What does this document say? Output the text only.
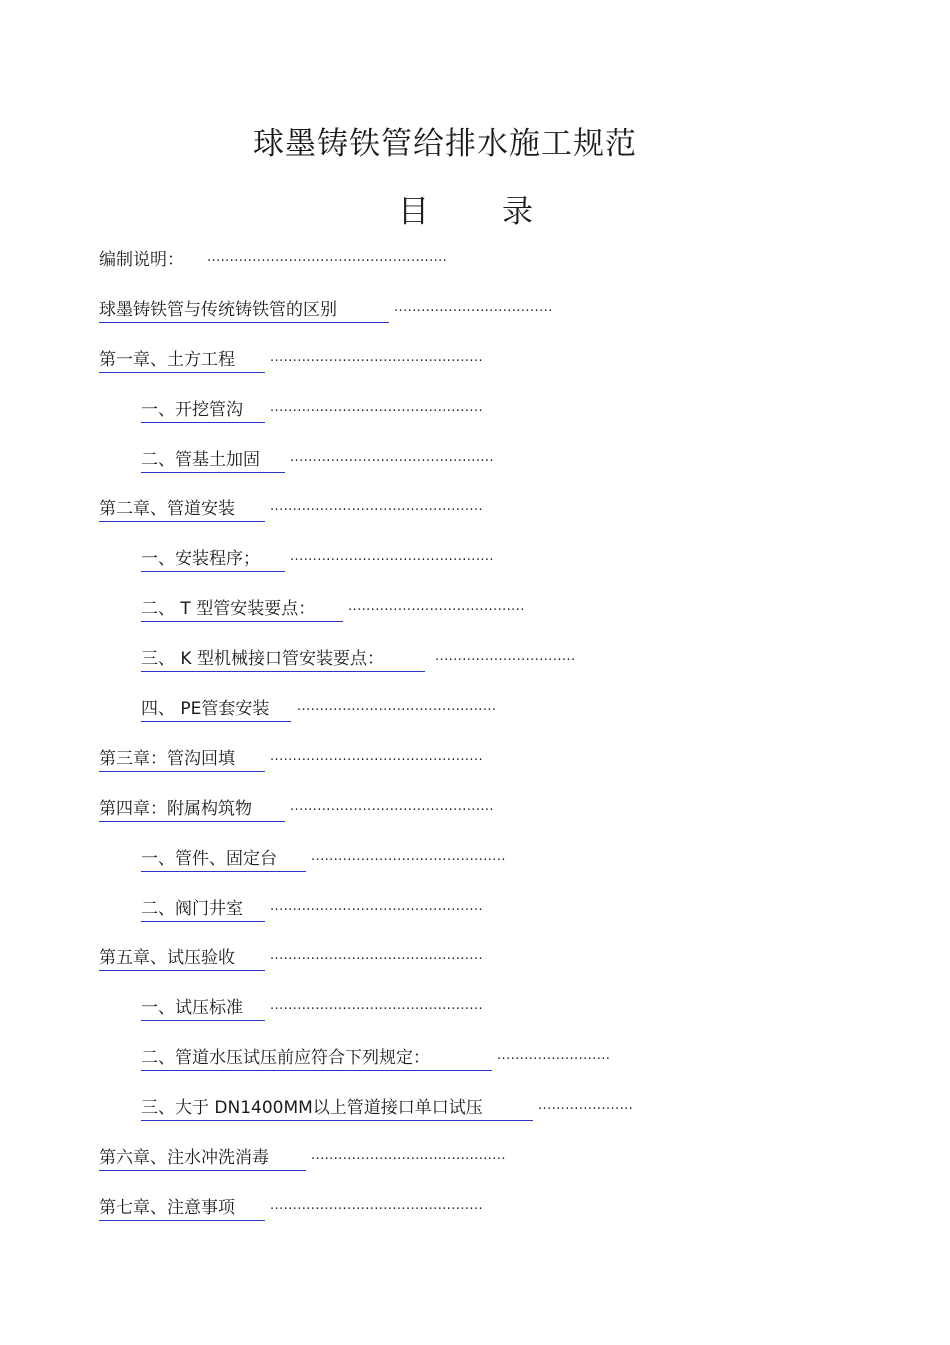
球墨铸铁管给排水施工规范
目 录
编制说明：	.....................................................
球墨铸铁管与传统铸铁管的区别	...................................
第一章、土方工程	...............................................
一、开挖管沟 ...............................................
二、管基土加固 .............................................
第二章、管道安装	...............................................
一、安装程序； .............................................
二、 T 型管安装要点：	.......................................
三、 K 型机械接口管安装要点：	...............................
四、 PE管套安装 ............................................
第三章：管沟回填	...............................................
第四章：附属构筑物	.............................................
一、管件、固定台	...........................................
二、阀门井室 ...............................................
第五章、试压验收	...............................................
一、试压标准 ...............................................
二、管道水压试压前应符合下列规定：	.........................
三、大于 DN1400MM以上管道接口单口试压	.....................
第六章、注水冲洗消毒	...........................................
第七章、注意事项	...............................................
